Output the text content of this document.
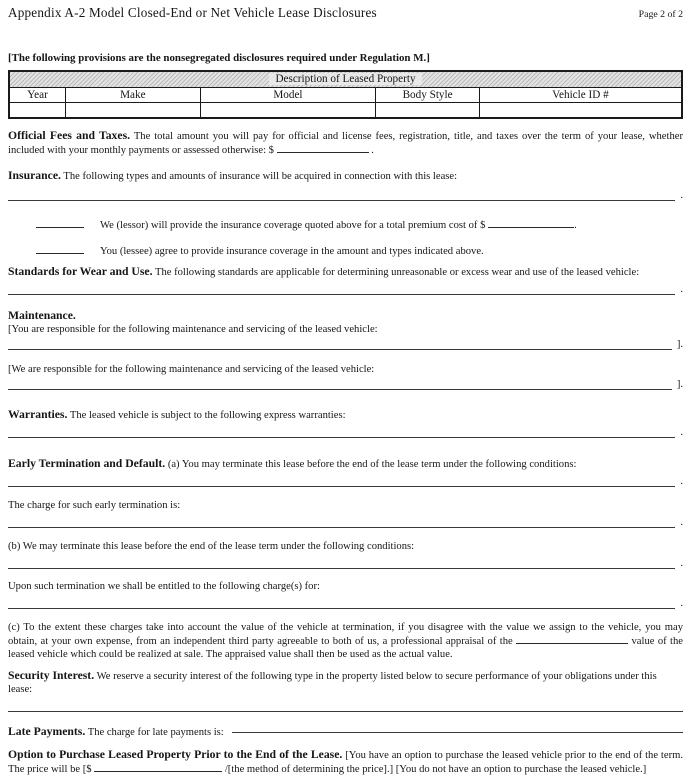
Appendix A-2 Model Closed-End or Net Vehicle Lease Disclosures	Page 2 of 2
[The following provisions are the nonsegregated disclosures required under Regulation M.]
Description of Leased Property				
Year	Make	Model	Body Style	Vehicle ID #

Official Fees and Taxes. The total amount you will pay for official and license fees, registration, title, and taxes over the term of your lease, whether included with your monthly payments or assessed otherwise: $	.

Insurance. The following types and amounts of insurance will be acquired in connection with this lease:

.

We (lessor) will provide the insurance coverage quoted above for a total premium cost of $	.

You (lessee) agree to provide insurance coverage in the amount and types indicated above.

Standards for Wear and Use. The following standards are applicable for determining unreasonable or excess wear and use of the leased vehicle:

.

Maintenance.

[You are responsible for the following maintenance and servicing of the leased vehicle:

].

[We are responsible for the following maintenance and servicing of the leased vehicle:

].

Warranties. The leased vehicle is subject to the following express warranties:

.

Early Termination and Default. (a) You may terminate this lease before the end of the lease term under the following conditions:

.

The charge for such early termination is:

.

(b) We may terminate this lease before the end of the lease term under the following conditions:

.

Upon such termination we shall be entitled to the following charge(s) for:

.

(c) To the extent these charges take into account the value of the vehicle at termination, if you disagree with the value we assign to the vehicle, you may obtain, at your own expense, from an independent third party agreeable to both of us, a professional appraisal of the	value of the leased vehicle which could be realized at sale. The appraised value shall then be used as the actual value.

Security Interest. We reserve a security interest of the following type in the property listed below to secure performance of your obligations under this lease:

Late Payments. The charge for late payments is:

Option to Purchase Leased Property Prior to the End of the Lease. [You have an option to purchase the leased vehicle prior to the end of the term. The price will be [$	/[the method of determining the price].] [You do not have an option to purchase the leased vehicle.]
